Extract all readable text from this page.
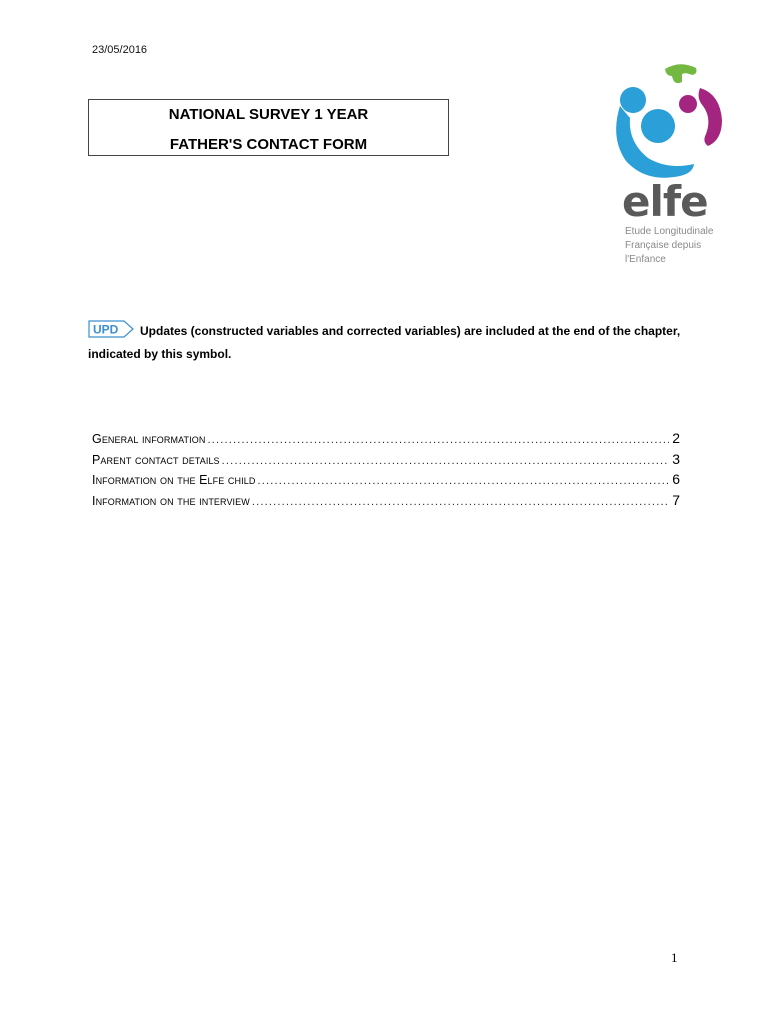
23/05/2016
NATIONAL SURVEY 1 YEAR
FATHER'S CONTACT FORM
elfe
Etude Longitudinale
Française depuis
l'Enfance
UPD Updates (constructed variables and corrected variables) are included at the end of the chapter, indicated by this symbol.
General information .....	2
Parent contact details .....	3
Information on the Elfe child .....	6
Information on the interview .....	7
1
